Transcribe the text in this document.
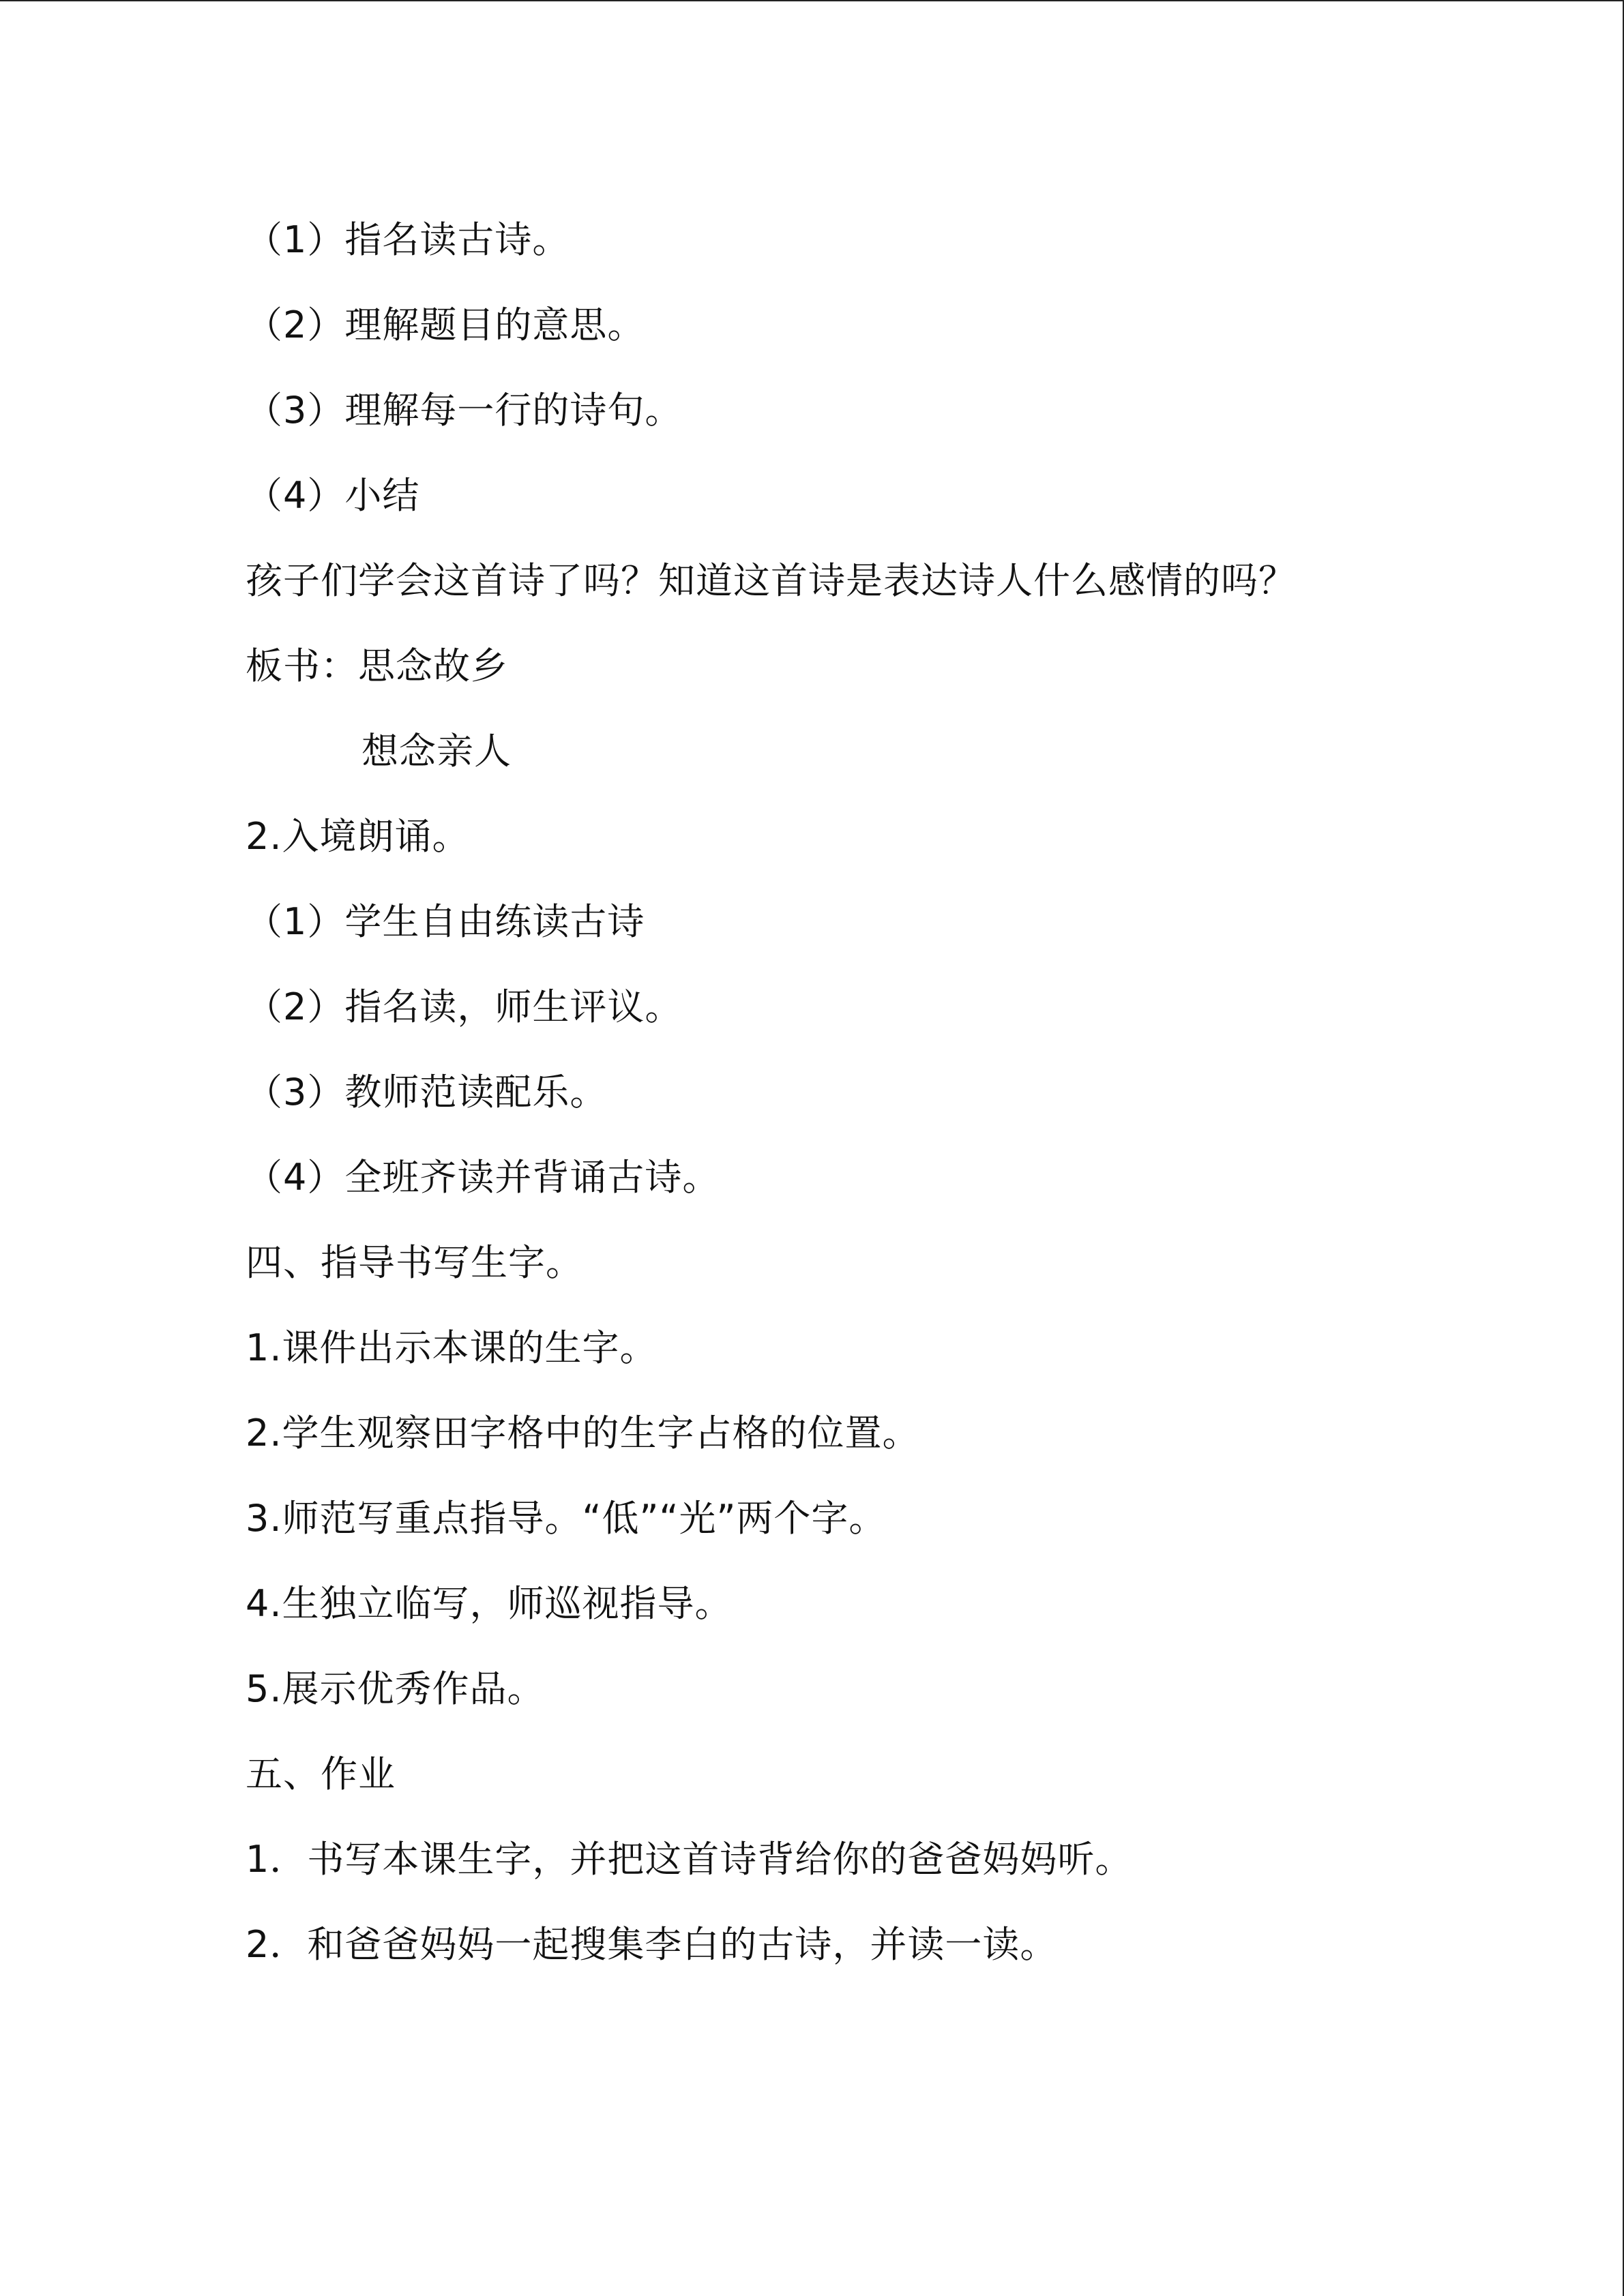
（1）指名读古诗。
（2）理解题目的意思。
（3）理解每一行的诗句。
（4）小结
孩子们学会这首诗了吗？知道这首诗是表达诗人什么感情的吗？
板书：思念故乡
想念亲人
2.入境朗诵。
（1）学生自由练读古诗
（2）指名读，师生评议。
（3）教师范读配乐。
（4）全班齐读并背诵古诗。
四、指导书写生字。
1.课件出示本课的生字。
2.学生观察田字格中的生字占格的位置。
3.师范写重点指导。“低”“光”两个字。
4.生独立临写，师巡视指导。
5.展示优秀作品。
五、作业
1．书写本课生字，并把这首诗背给你的爸爸妈妈听。
2．和爸爸妈妈一起搜集李白的古诗，并读一读。
